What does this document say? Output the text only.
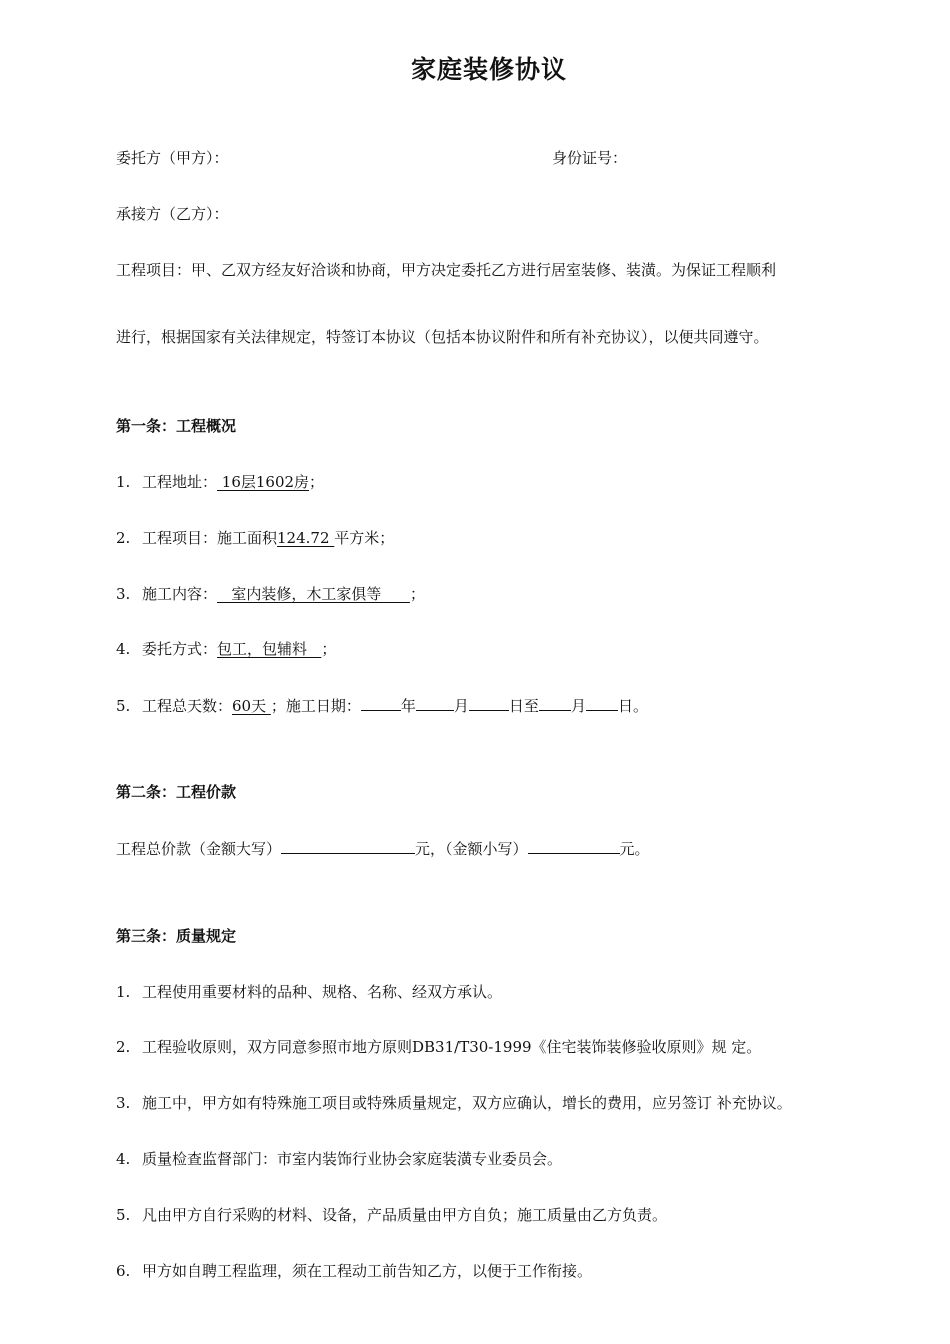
家庭装修协议
委托方（甲方）：	身份证号：
承接方（乙方）：
工程项目：甲、乙双方经友好洽谈和协商，甲方决定委托乙方进行居室装修、装潢。为保证工程顺利
进行，根据国家有关法律规定，特签订本协议（包括本协议附件和所有补充协议），以便共同遵守。
第一条：工程概况
1. 工程地址： 16层1602房；
2. 工程项目：施工面积124.72 平方米；
3. 施工内容：   室内装修，木工家俱等      ；
4. 委托方式：包工，包辅料   ；
5. 工程总天数：60天 ；施工日期：	年	月	日至 月 日。
第二条：工程价款
工程总价款（金额大写）	元，（金额小写）	元。
第三条：质量规定
1. 工程使用重要材料的品种、规格、名称、经双方承认。
2. 工程验收原则，双方同意参照市地方原则DB31/T30-1999《住宅装饰装修验收原则》规 定。
3. 施工中，甲方如有特殊施工项目或特殊质量规定，双方应确认，增长的费用，应另签订 补充协议。
4. 质量检查监督部门：市室内装饰行业协会家庭装潢专业委员会。
5. 凡由甲方自行采购的材料、设备，产品质量由甲方自负；施工质量由乙方负责。
6. 甲方如自聘工程监理，须在工程动工前告知乙方，以便于工作衔接。
